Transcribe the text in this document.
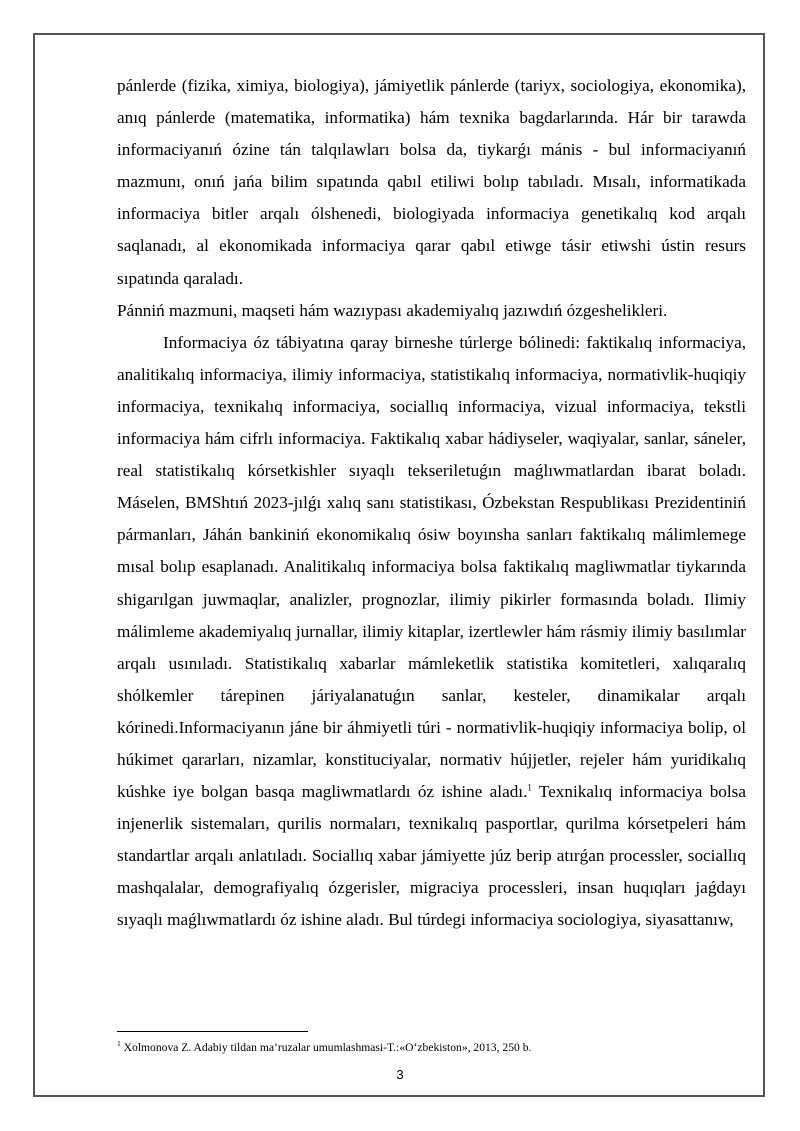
pánlerde (fizika, ximiya, biologiya), jámiyetlik pánlerde (tariyx, sociologiya, ekonomika), anıq pánlerde (matematika, informatika) hám texnika bagdarlarında. Hár bir tarawda informaciyanıń ózine tán talqılawları bolsa da, tiykarǵı mánis - bul informaciyanıń mazmunı, onıń jańa bilim sıpatında qabıl etiliwi bolıp tabıladı. Mısalı, informatikada informaciya bitler arqalı ólshenedi, biologiyada informaciya genetikalıq kod arqalı saqlanadı, al ekonomikada informaciya qarar qabıl etiwge tásir etiwshi ústin resurs sıpatında qaraladı.

Pánniń mazmuni, maqseti hám wazıypası akademiyalıq jazıwdıń ózgeshelikleri.

Informaciya óz tábiyatına qaray birneshe túrlerge bólinedi: faktikalıq informaciya, analitikalıq informaciya, ilimiy informaciya, statistikalıq informaciya, normativlik-huqiqiy informaciya, texnikalıq informaciya, sociallıq informaciya, vizual informaciya, tekstli informaciya hám cifrlı informaciya. Faktikalıq xabar hádiyseler, waqiyalar, sanlar, sáneler, real statistikalıq kórsetkishler sıyaqlı tekseriletuǵın maǵlıwmatlardan ibarat boladı. Máselen, BMShtıń 2023-jılǵı xalıq sanı statistikası, Ózbekstan Respublikası Prezidentiniń pármanları, Jáhán bankiniń ekonomikalıq ósiw boyınsha sanları faktikalıq málimlemege mısal bolıp esaplanadı. Analitikalıq informaciya bolsa faktikalıq magliwmatlar tiykarında shigarılgan juwmaqlar, analizler, prognozlar, ilimiy pikirler formasında boladı. Ilimiy málimleme akademiyalıq jurnallar, ilimiy kitaplar, izertlewler hám rásmiy ilimiy basılımlar arqalı usınıladı. Statistikalıq xabarlar mámleketlik statistika komitetleri, xalıqaralıq shólkemler tárepinen járiyalanatuǵın sanlar, kesteler, dinamikalar arqalı kórinedi.Informaciyanın jáne bir áhmiyetli túri - normativlik-huqiqiy informaciya bolip, ol húkimet qararları, nizamlar, konstituciyalar, normativ hújjetler, rejeler hám yuridikalıq kúshke iye bolgan basqa magliwmatlardı óz ishine aladı.$^1$ Texnikalıq informaciya bolsa injenerlik sistemaları, qurilis normaları, texnikalıq pasportlar, qurilma kórsetpeleri hám standartlar arqalı anlatıladı. Sociallıq xabar jámiyette júz berip atırǵan processler, sociallıq mashqalalar, demografiyalıq ózgerisler, migraciya processleri, insan huqıqları jaǵdayı sıyaqlı maǵlıwmatlardı óz ishine aladı. Bul túrdegi informaciya sociologiya, siyasattanıw,

$^1$ Xolmonova Z. Adabiy tildan ma’ruzalar umumlashmasi-T.:«O‘zbekiston», 2013, 250 b.
3
